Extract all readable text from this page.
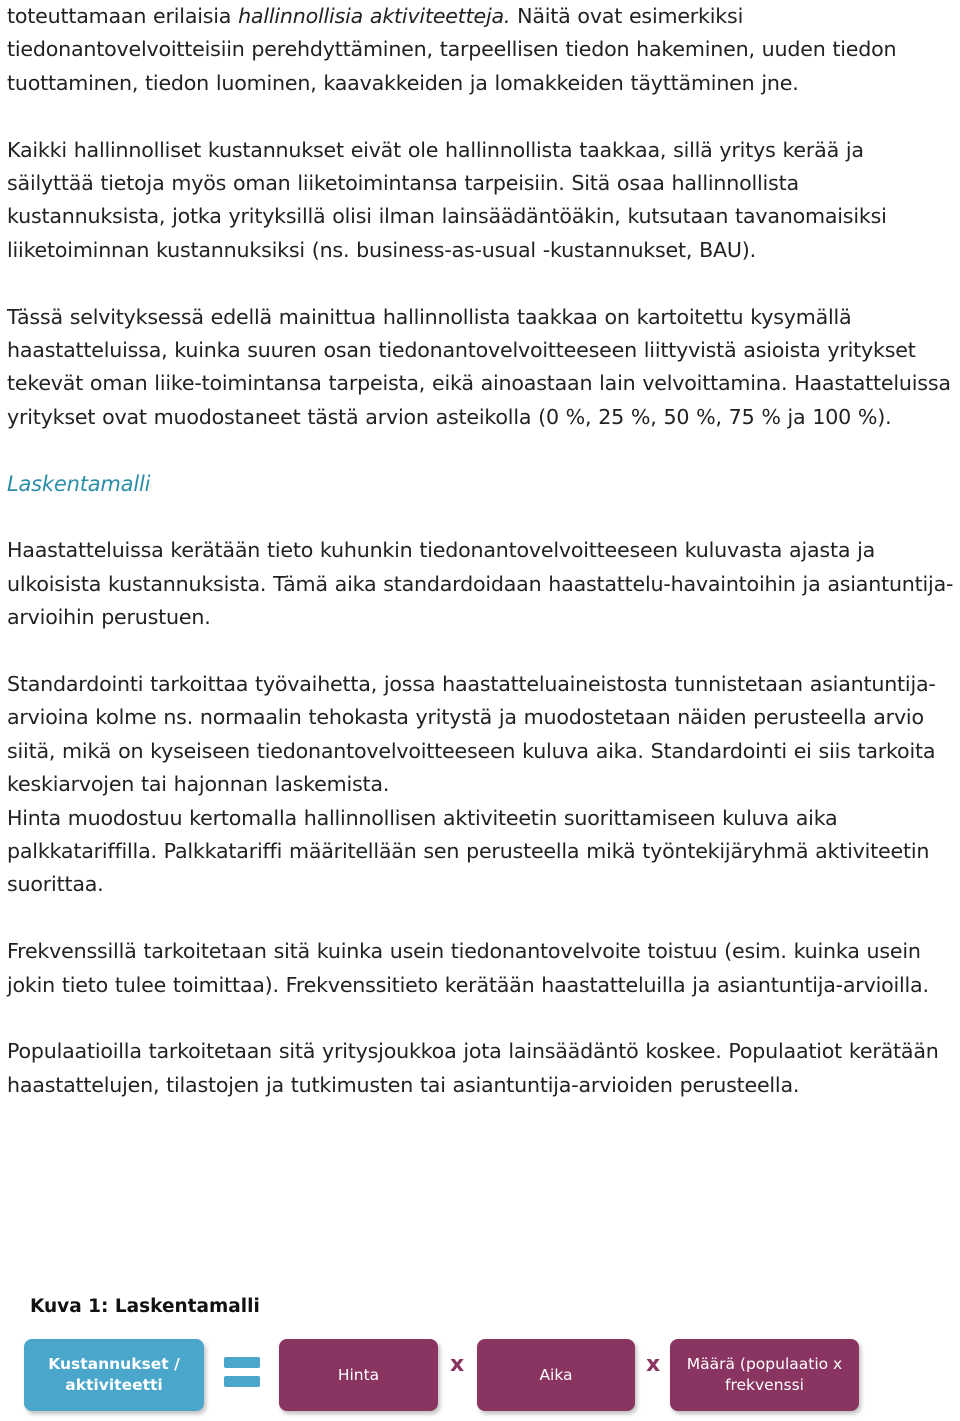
toteuttamaan erilaisia hallinnollisia aktiviteetteja. Näitä ovat esimerkiksi tiedonantovelvoitteisiin perehdyttäminen, tarpeellisen tiedon hakeminen, uuden tiedon tuottaminen, tiedon luominen, kaavakkeiden ja lomakkeiden täyttäminen jne.

Kaikki hallinnolliset kustannukset eivät ole hallinnollista taakkaa, sillä yritys kerää ja säilyttää tietoja myös oman liiketoimintansa tarpeisiin. Sitä osaa hallinnollista kustannuksista, jotka yrityksillä olisi ilman lainsäädäntöäkin, kutsutaan tavanomaisiksi liiketoiminnan kustannuksiksi (ns. business-as-usual -kustannukset, BAU).

Tässä selvityksessä edellä mainittua hallinnollista taakkaa on kartoitettu kysymällä haastatteluissa, kuinka suuren osan tiedonantovelvoitteeseen liittyvistä asioista yritykset tekevät oman liike-toimintansa tarpeista, eikä ainoastaan lain velvoittamina. Haastatteluissa yritykset ovat muodostaneet tästä arvion asteikolla (0 %, 25 %, 50 %, 75 % ja 100 %).

Laskentamalli

Haastatteluissa kerätään tieto kuhunkin tiedonantovelvoitteeseen kuluvasta ajasta ja ulkoisista kustannuksista. Tämä aika standardoidaan haastattelu-havaintoihin ja asiantuntija-arvioihin perustuen.

Standardointi tarkoittaa työvaihetta, jossa haastatteluaineistosta tunnistetaan asiantuntija-arvioina kolme ns. normaalin tehokasta yritystä ja muodostetaan näiden perusteella arvio siitä, mikä on kyseiseen tiedonantovelvoitteeseen kuluva aika. Standardointi ei siis tarkoita keskiarvojen tai hajonnan laskemista.

Hinta muodostuu kertomalla hallinnollisen aktiviteetin suorittamiseen kuluva aika palkkatariffilla. Palkkatariffi määritellään sen perusteella mikä työntekijäryhmä aktiviteetin suorittaa.

Frekvenssillä tarkoitetaan sitä kuinka usein tiedonantovelvoite toistuu (esim. kuinka usein jokin tieto tulee toimittaa). Frekvenssitieto kerätään haastatteluilla ja asiantuntija-arvioilla.

Populaatioilla tarkoitetaan sitä yritysjoukkoa jota lainsäädäntö koskee. Populaatiot kerätään haastattelujen, tilastojen ja tutkimusten tai asiantuntija-arvioiden perusteella.

Kuva 1: Laskentamalli
Kustannukset /
aktiviteetti
Hinta	x	Aika	x Määrä (populaatio x
frekvenssi
